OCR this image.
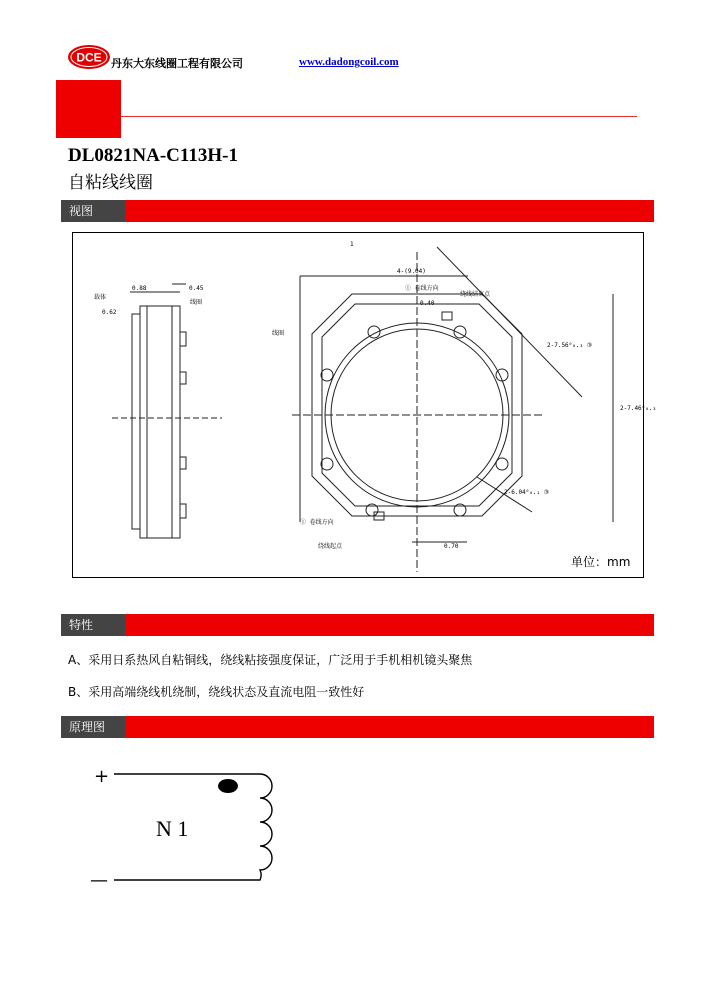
DCE 丹东大东线圈工程有限公司	www.dadongcoil.com
DL0821NA-C113H-1
自粘线线圈
视图
0.88	0.45
0.62
载体
线圈
线圈
1
4-(9.04)
① 卷线方向
绕线结束点
0.40
2-7.56⁰₀.₃ ③
2-7.46⁰₀.₃
2-6.04⁰₀.₁ ③
① 卷线方向
绕线起点	0.70
单位：mm
特性
A、采用日系热风自粘铜线，绕线粘接强度保证，广泛用于手机相机镜头聚焦
B、采用高端绕线机绕制，绕线状态及直流电阻一致性好
原理图
+
—
N 1
